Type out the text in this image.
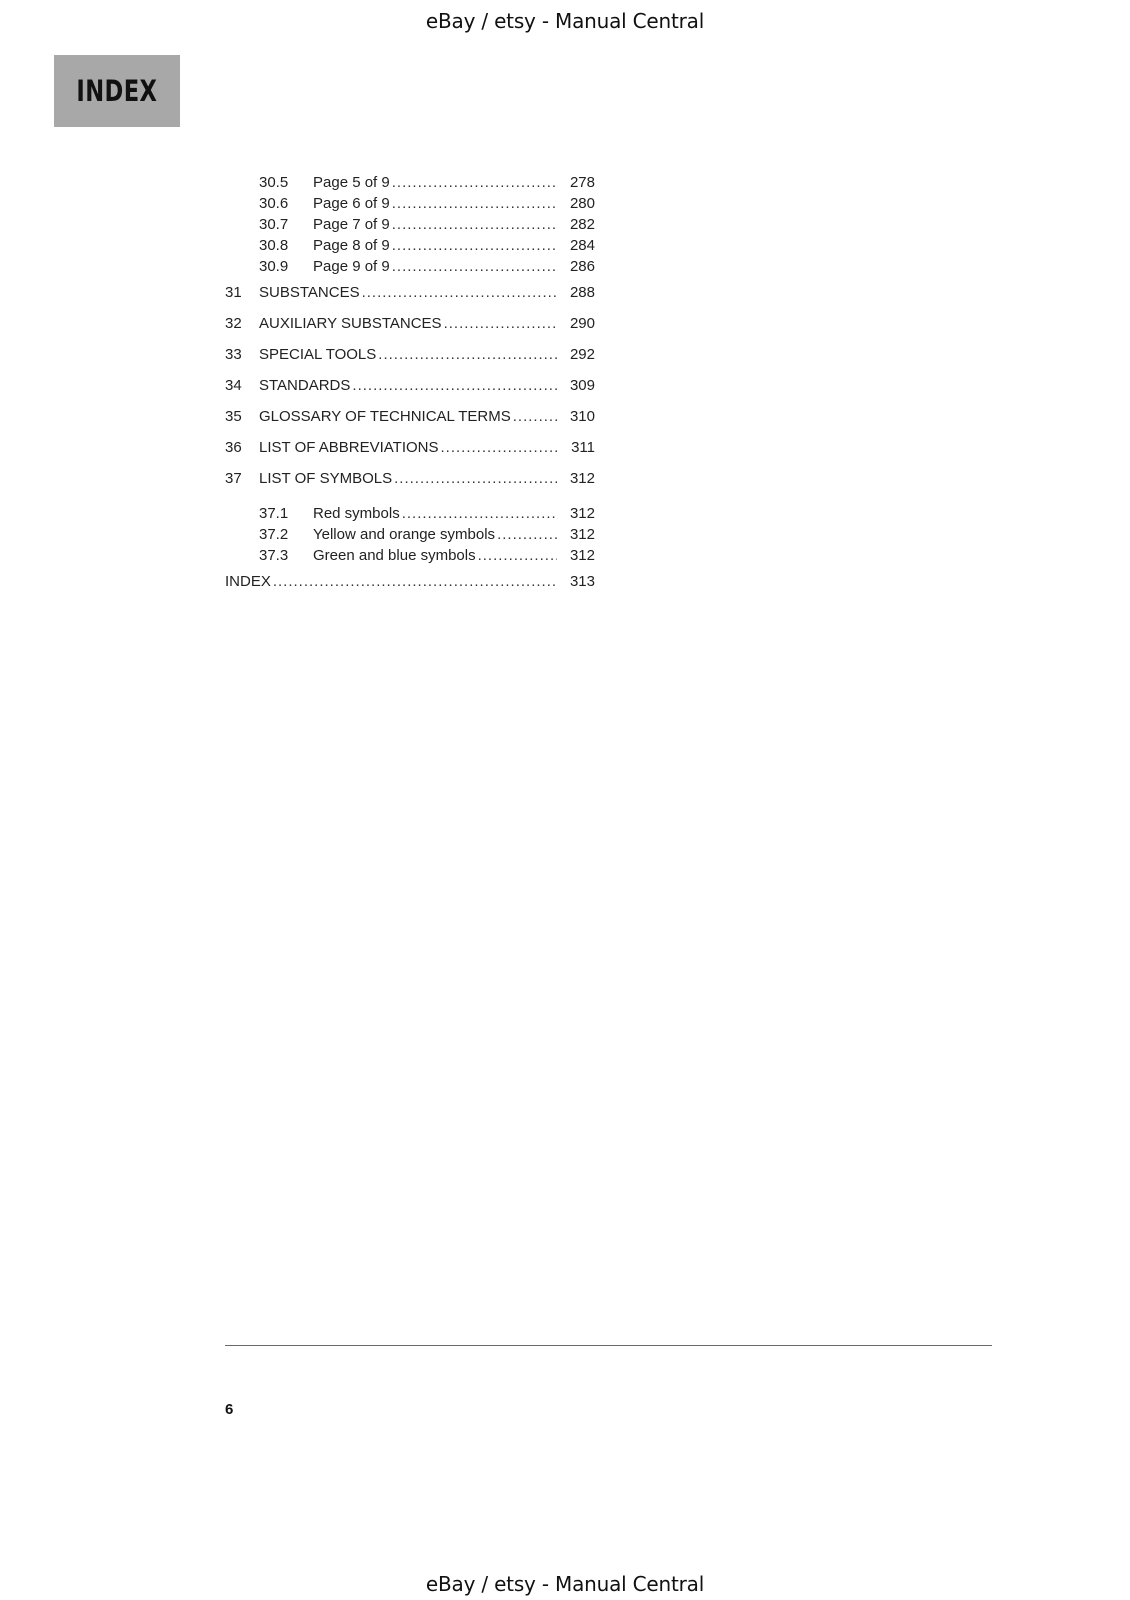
eBay / etsy - Manual Central
INDEX
30.5	Page 5 of 9 .....	278
30.6	Page 6 of 9 .....	280
30.7	Page 7 of 9 .....	282
30.8	Page 8 of 9 .....	284
30.9	Page 9 of 9 .....	286
31	SUBSTANCES .....	288
32	AUXILIARY SUBSTANCES .....	290
33	SPECIAL TOOLS .....	292
34	STANDARDS .....	309
35	GLOSSARY OF TECHNICAL TERMS .....	310
36	LIST OF ABBREVIATIONS .....	311
37	LIST OF SYMBOLS .....	312
37.1	Red symbols .....	312
37.2	Yellow and orange symbols .....	312
37.3	Green and blue symbols .....	312
INDEX .....	313
6
eBay / etsy - Manual Central
